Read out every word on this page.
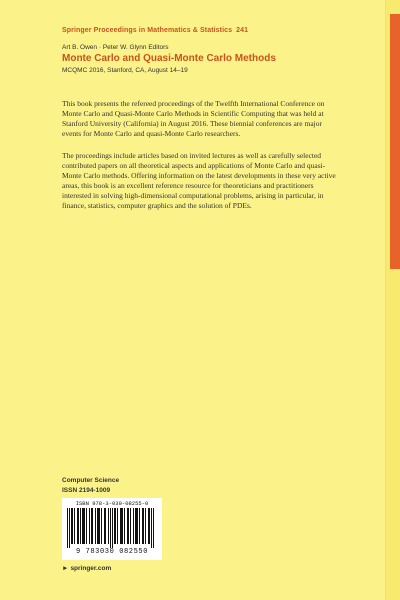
Springer Proceedings in Mathematics & Statistics 241
Art B. Owen · Peter W. Glynn Editors
Monte Carlo and Quasi-Monte Carlo Methods
MCQMC 2016, Stanford, CA, August 14–19

This book presents the refereed proceedings of the Twelfth International Conference on Monte Carlo and Quasi-Monte Carlo Methods in Scientific Computing that was held at Stanford University (California) in August 2016. These biennial conferences are major events for Monte Carlo and quasi-Monte Carlo researchers.

The proceedings include articles based on invited lectures as well as carefully selected contributed papers on all theoretical aspects and applications of Monte Carlo and quasi-Monte Carlo methods. Offering information on the latest developments in these very active areas, this book is an excellent reference resource for theoreticians and practitioners interested in solving high-dimensional computational problems, arising in particular, in finance, statistics, computer graphics and the solution of PDEs.

Computer Science
ISSN 2194-1009
ISBN 978-3-030-08255-0
9 783030 082550
► springer.com
